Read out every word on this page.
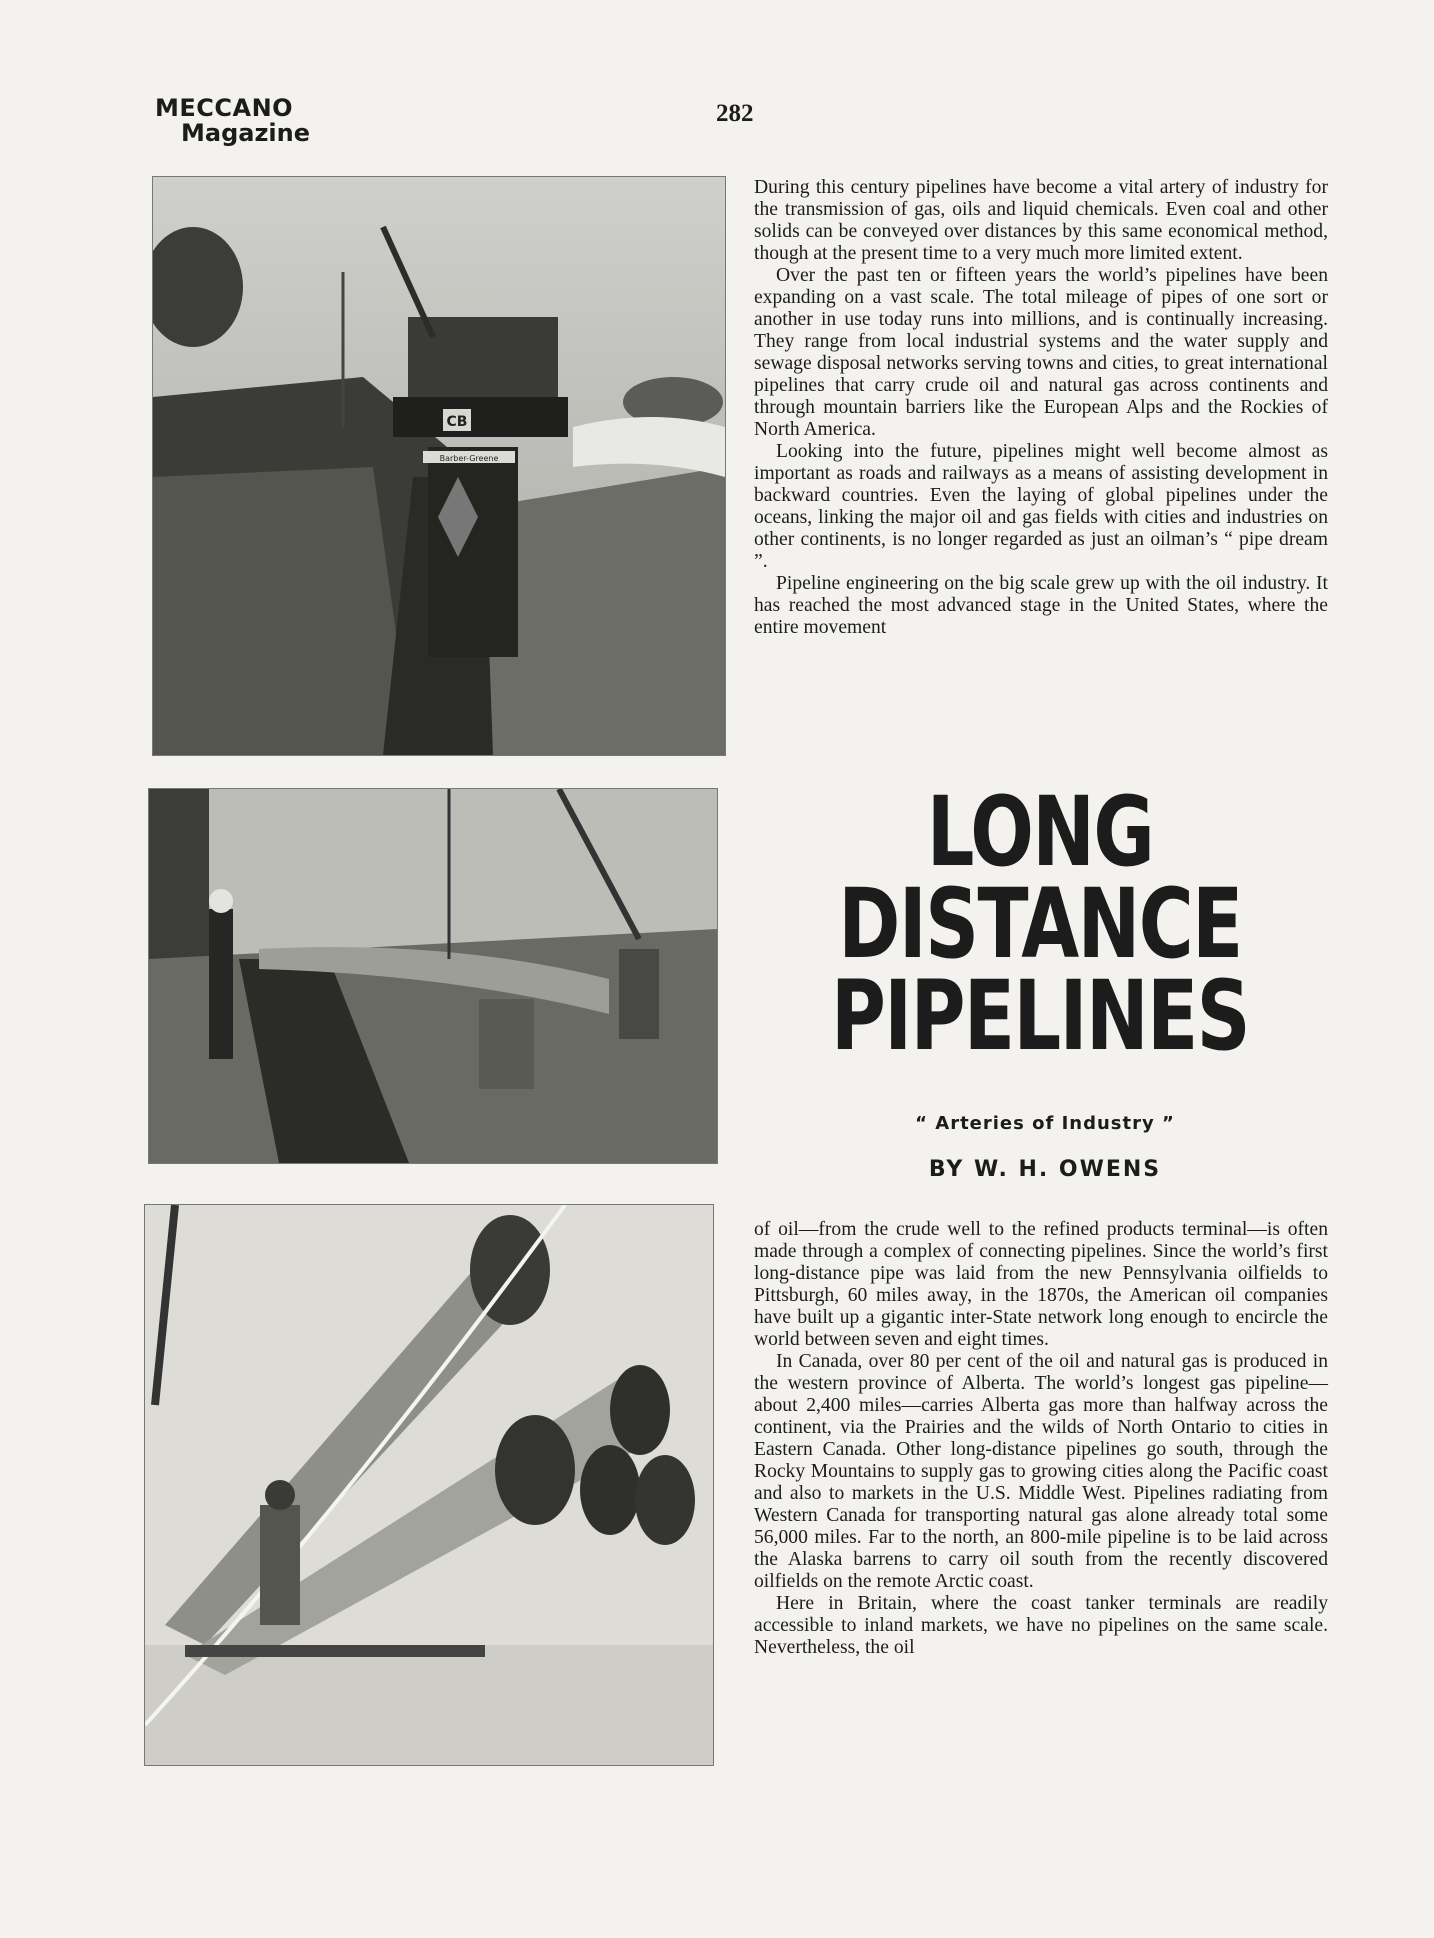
MECCANO
Magazine
282
CB
Barber-Greene

During this century pipelines have become a vital artery of industry for the transmission of gas, oils and liquid chemicals. Even coal and other solids can be conveyed over distances by this same economical method, though at the present time to a very much more limited extent.

Over the past ten or fifteen years the world’s pipelines have been expanding on a vast scale. The total mileage of pipes of one sort or another in use today runs into millions, and is continually increasing. They range from local industrial systems and the water supply and sewage disposal networks serving towns and cities, to great international pipelines that carry crude oil and natural gas across continents and through mountain barriers like the European Alps and the Rockies of North America.

Looking into the future, pipelines might well become almost as important as roads and railways as a means of assisting development in backward countries. Even the laying of global pipelines under the oceans, linking the major oil and gas fields with cities and industries on other continents, is no longer regarded as just an oilman’s “ pipe dream ”.

Pipeline engineering on the big scale grew up with the oil industry. It has reached the most advanced stage in the United States, where the entire movement

LONG
DISTANCE
PIPELINES
“ Arteries of Industry ”
BY W. H. OWENS

of oil—from the crude well to the refined products terminal—is often made through a complex of connecting pipelines. Since the world’s first long-distance pipe was laid from the new Pennsylvania oilfields to Pittsburgh, 60 miles away, in the 1870s, the American oil companies have built up a gigantic inter-State network long enough to encircle the world between seven and eight times.

In Canada, over 80 per cent of the oil and natural gas is produced in the western province of Alberta. The world’s longest gas pipeline—about 2,400 miles—carries Alberta gas more than halfway across the continent, via the Prairies and the wilds of North Ontario to cities in Eastern Canada. Other long-distance pipelines go south, through the Rocky Mountains to supply gas to growing cities along the Pacific coast and also to markets in the U.S. Middle West. Pipelines radiating from Western Canada for transporting natural gas alone already total some 56,000 miles. Far to the north, an 800-mile pipeline is to be laid across the Alaska barrens to carry oil south from the recently discovered oilfields on the remote Arctic coast.

Here in Britain, where the coast tanker terminals are readily accessible to inland markets, we have no pipelines on the same scale. Nevertheless, the oil
